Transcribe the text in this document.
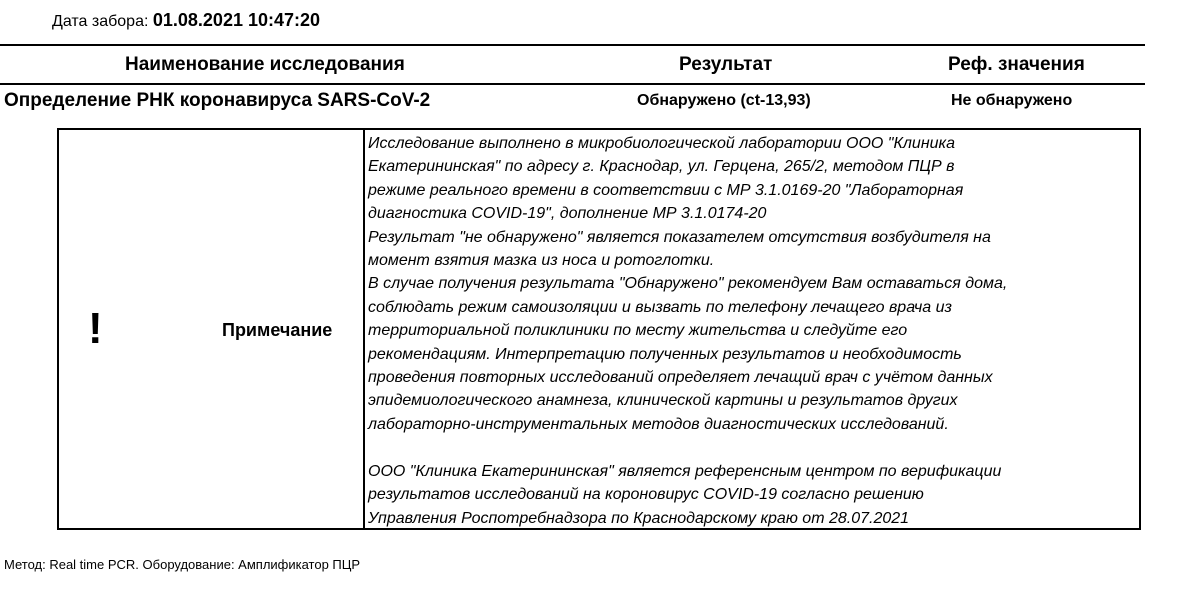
Дата забора: 01.08.2021 10:47:20
Наименование исследования	Результат	Реф. значения
Определение РНК коронавируса SARS-CoV-2	Обнаружено (ct-13,93)	Не обнаружено
!	Примечание
Исследование выполнено в микробиологической лаборатории ООО "Клиника
Екатерининская" по адресу г. Краснодар, ул. Герцена, 265/2, методом ПЦР в
режиме реального времени в соответствии с МР 3.1.0169-20 "Лабораторная
диагностика COVID-19", дополнение МР 3.1.0174-20
Результат "не обнаружено" является показателем отсутствия возбудителя на
момент взятия мазка из носа и ротоглотки.
В случае получения результата "Обнаружено" рекомендуем Вам оставаться дома,
соблюдать режим самоизоляции и вызвать по телефону лечащего врача из
территориальной поликлиники по месту жительства и следуйте его
рекомендациям. Интерпретацию полученных результатов и необходимость
проведения повторных исследований определяет лечащий врач с учётом данных
эпидемиологического анамнеза, клинической картины и результатов других
лабораторно-инструментальных методов диагностических исследований.

ООО "Клиника Екатерининская" является референсным центром по верификации
результатов исследований на короновирус COVID-19 согласно решению
Управления Роспотребнадзора по Краснодарскому краю от 28.07.2021
Метод: Real time PCR. Оборудование: Амплификатор ПЦР
